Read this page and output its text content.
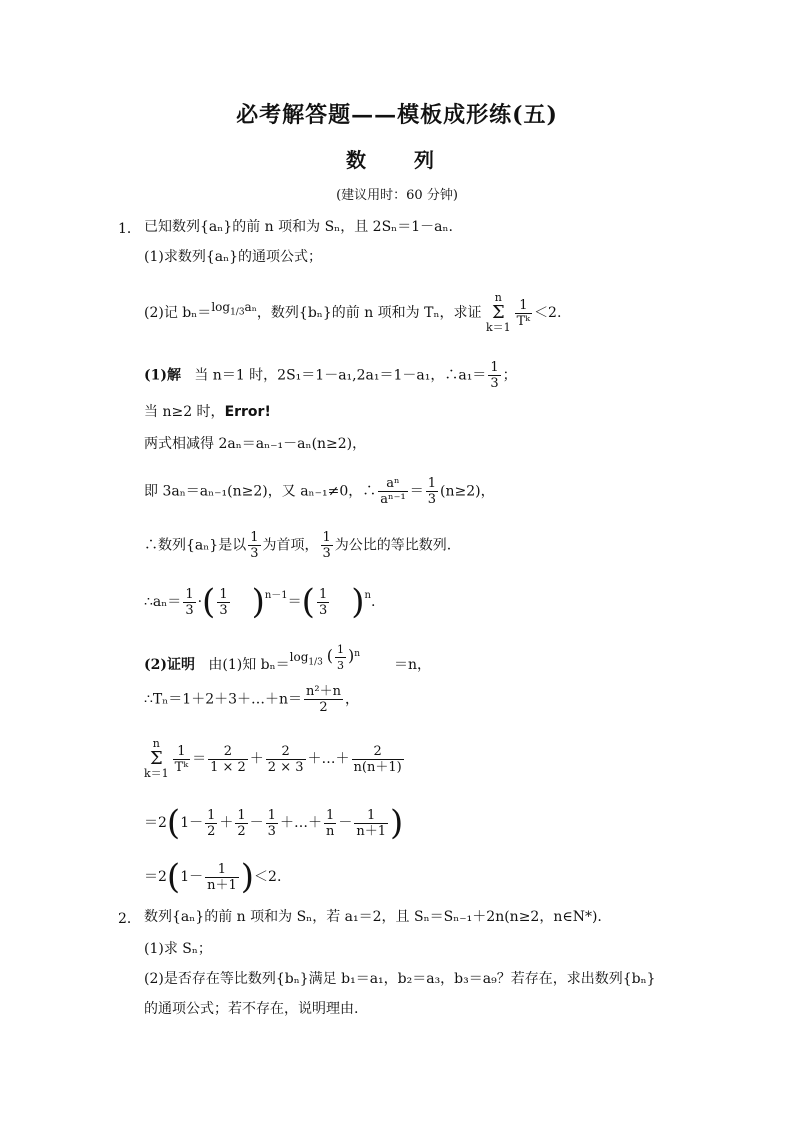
必考解答题——模板成形练(五)
数　列
(建议用时：60 分钟)
1． 已知数列{aₙ}的前 n 项和为 Sₙ，且 2Sₙ＝1－aₙ.
(1)求数列{aₙ}的通项公式；
(2)记 $b_n=\log_{1/3}a_n$，数列{bₙ}的前 n 项和为 Tₙ，求证 n
Σ
$k=1 \frac{1}{\text{Tᵏ}} <2$.
(1)解 当 n＝1 时，2S₁＝1－a₁,2a₁＝1－a₁，∴a₁＝ $\frac{1}{3}$ ；
当 n≥2 时，Error!
两式相减得 2aₙ＝aₙ₋₁－aₙ(n≥2)，
即 3aₙ＝aₙ₋₁(n≥2)，又 aₙ₋₁≠0，∴ $\frac{\text{aⁿ}}{\text{aⁿ⁻¹}} = \frac{1}{3} (n\ge 2)$，
∴数列{aₙ}是以 $\frac{1}{3}$ 为首项， $\frac{1}{3}$ 为公比的等比数列.
∴aₙ＝ $\frac{1}{3}$ ·( $\frac{1}{3} )^{n-1}=( \frac{1}{3} )^n$.
(2)证明 由(1)知 $b_n=\log_{1/3}$ ( $\frac{1}{3} )^n=n$，
∴Tₙ＝1＋2＋3＋…＋n＝ $\frac{\text{n²＋n}}{2}$ ，
n
Σ
$k=1 \frac{1}{\text{Tᵏ}} = \frac{2}{1 \times 2} + \frac{2}{2 \times 3}$ ＋…＋ $\frac{2}{n(n+1)}$
$=2(1- \frac{1}{2} + \frac{1}{2} - \frac{1}{3}$ ＋…＋ $\frac{1}{n} - \frac{1}{n+1}$ )
$=2(1- \frac{1}{n+1} )<2$.
2． 数列{aₙ}的前 n 项和为 Sₙ，若 a₁＝2，且 Sₙ＝Sₙ₋₁＋2n(n≥2，n∈N*).
(1)求 Sₙ；
(2)是否存在等比数列{bₙ}满足 b₁＝a₁，b₂＝a₃，b₃＝a₉？若存在，求出数列{bₙ}
的通项公式；若不存在，说明理由.
